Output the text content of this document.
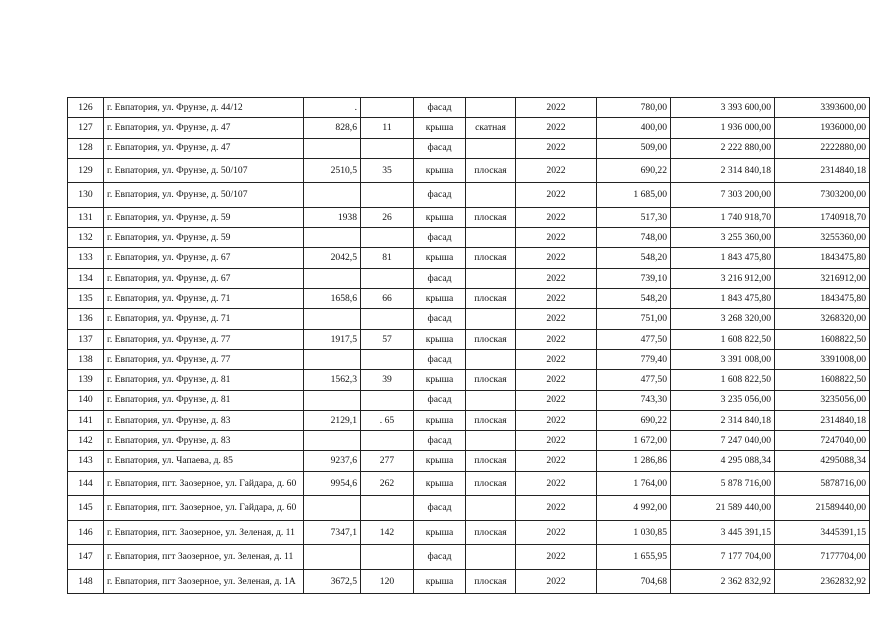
126	г. Евпатория, ул. Фрунзе, д. 44/12	.		фасад		2022	780,00	3 393 600,00	3393600,00
127	г. Евпатория, ул. Фрунзе, д. 47	828,6	11	крыша	скатная	2022	400,00	1 936 000,00	1936000,00
128	г. Евпатория, ул. Фрунзе, д. 47			фасад		2022	509,00	2 222 880,00	2222880,00
129	г. Евпатория, ул. Фрунзе, д. 50/107	2510,5	35	крыша	плоская	2022	690,22	2 314 840,18	2314840,18
130	г. Евпатория, ул. Фрунзе, д. 50/107			фасад		2022	1 685,00	7 303 200,00	7303200,00
131	г. Евпатория, ул. Фрунзе, д. 59	1938	26	крыша	плоская	2022	517,30	1 740 918,70	1740918,70
132	г. Евпатория, ул. Фрунзе, д. 59			фасад		2022	748,00	3 255 360,00	3255360,00
133	г. Евпатория, ул. Фрунзе, д. 67	2042,5	81	крыша	плоская	2022	548,20	1 843 475,80	1843475,80
134	г. Евпатория, ул. Фрунзе, д. 67			фасад		2022	739,10	3 216 912,00	3216912,00
135	г. Евпатория, ул. Фрунзе, д. 71	1658,6	66	крыша	плоская	2022	548,20	1 843 475,80	1843475,80
136	г. Евпатория, ул. Фрунзе, д. 71			фасад		2022	751,00	3 268 320,00	3268320,00
137	г. Евпатория, ул. Фрунзе, д. 77	1917,5	57	крыша	плоская	2022	477,50	1 608 822,50	1608822,50
138	г. Евпатория, ул. Фрунзе, д. 77			фасад		2022	779,40	3 391 008,00	3391008,00
139	г. Евпатория, ул. Фрунзе, д. 81	1562,3	39	крыша	плоская	2022	477,50	1 608 822,50	1608822,50
140	г. Евпатория, ул. Фрунзе, д. 81			фасад		2022	743,30	3 235 056,00	3235056,00
141	г. Евпатория, ул. Фрунзе, д. 83	2129,1	. 65	крыша	плоская	2022	690,22	2 314 840,18	2314840,18
142	г. Евпатория, ул. Фрунзе, д. 83			фасад		2022	1 672,00	7 247 040,00	7247040,00
143	г. Евпатория, ул. Чапаева, д. 85	9237,6	277	крыша	плоская	2022	1 286,86	4 295 088,34	4295088,34
144	г. Евпатория, пгт. Заозерное, ул. Гайдара, д. 60	9954,6	262	крыша	плоская	2022	1 764,00	5 878 716,00	5878716,00
145	г. Евпатория, пгт. Заозерное, ул. Гайдара, д. 60			фасад		2022	4 992,00	21 589 440,00	21589440,00
146	г. Евпатория, пгт. Заозерное, ул. Зеленая, д. 11	7347,1	142	крыша	плоская	2022	1 030,85	3 445 391,15	3445391,15
147	г. Евпатория, пгт Заозерное, ул. Зеленая, д. 11			фасад		2022	1 655,95	7 177 704,00	7177704,00
148	г. Евпатория, пгт Заозерное, ул. Зеленая, д. 1А	3672,5	120	крыша	плоская	2022	704,68	2 362 832,92	2362832,92
